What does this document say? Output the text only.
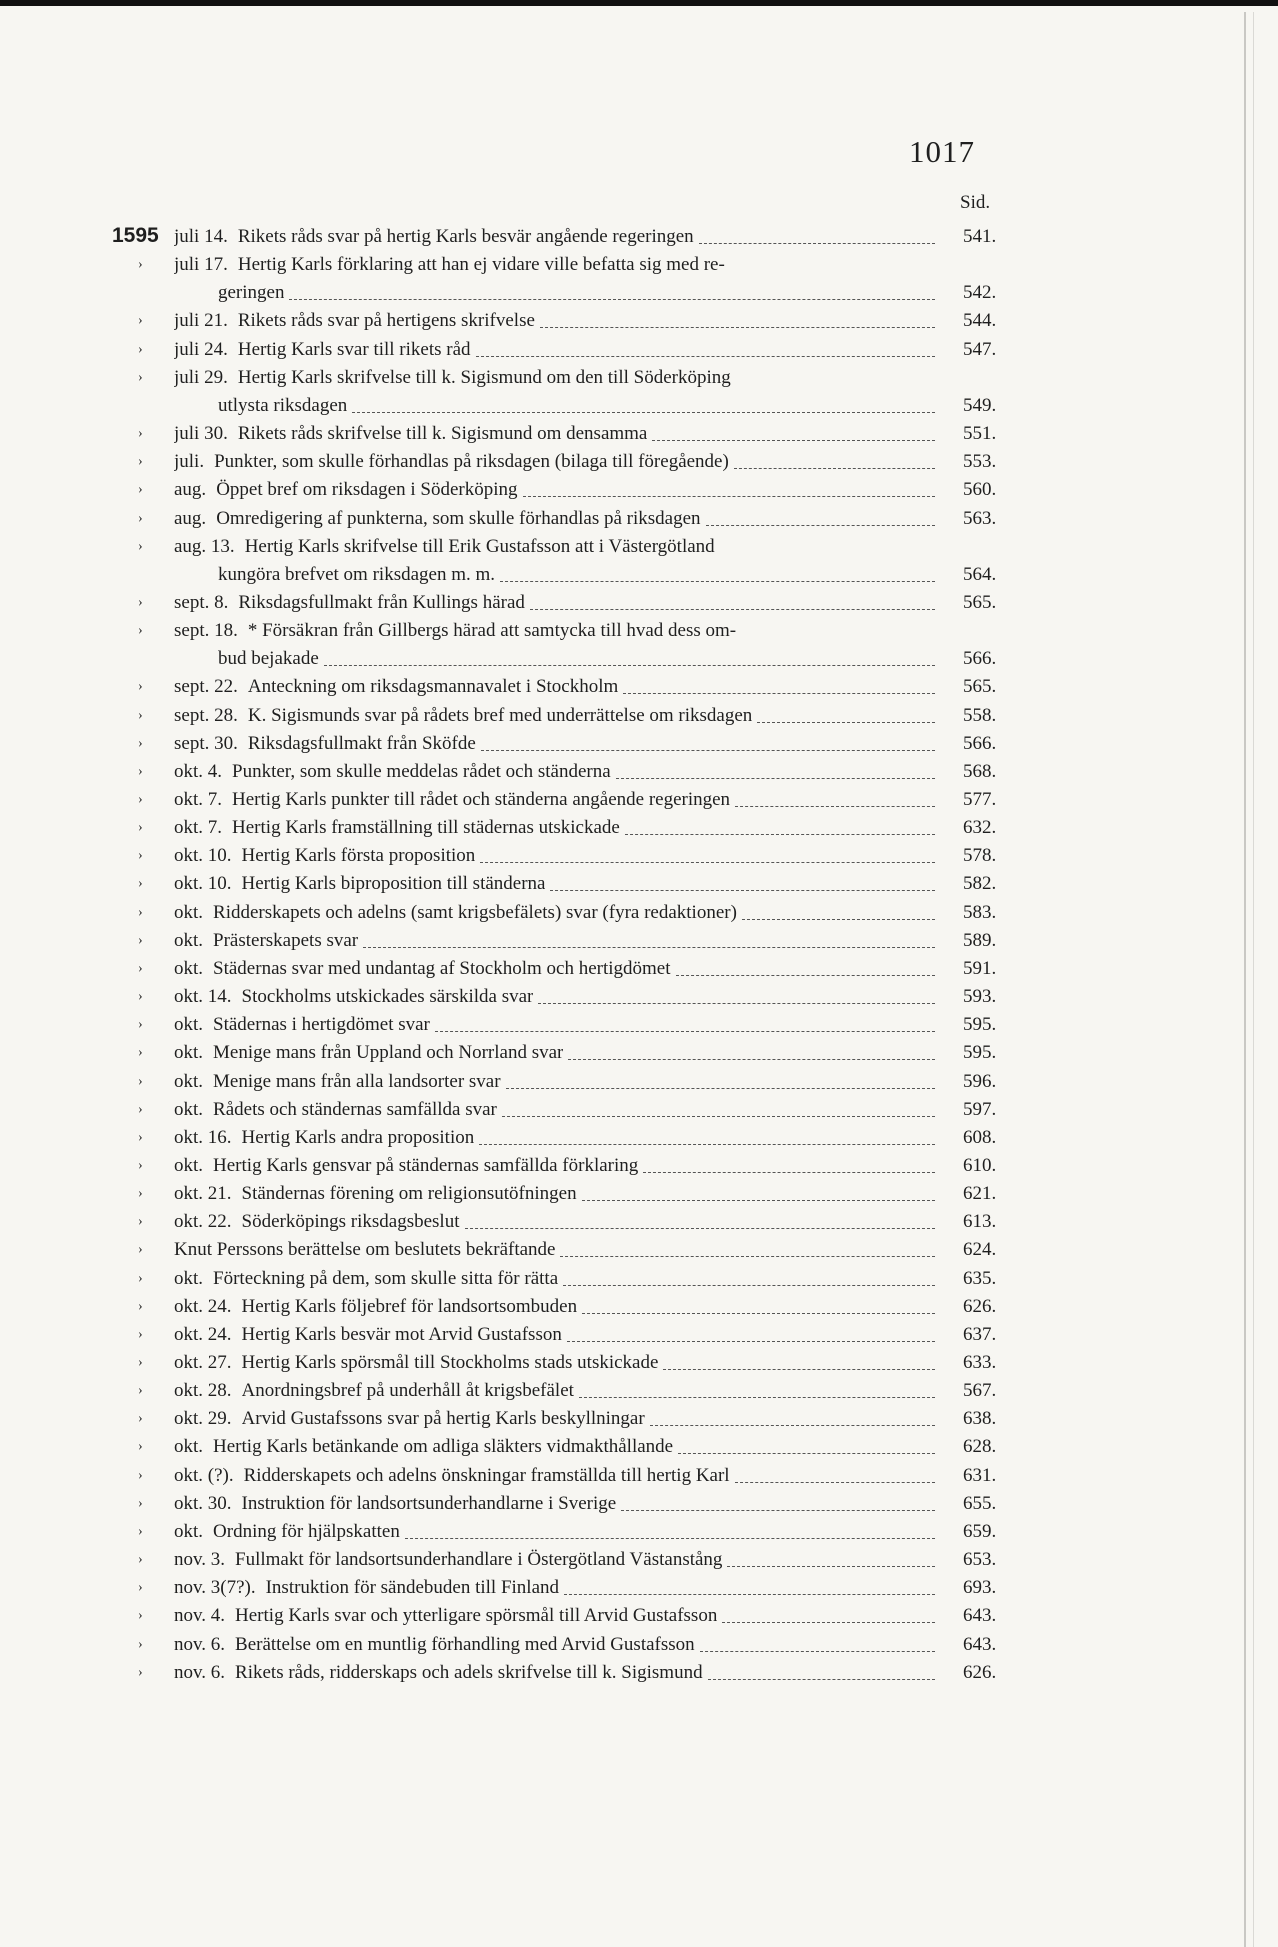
1017
Sid.
1595 juli 14. Rikets råds svar på hertig Karls besvär angående regeringen	541.
› juli 17. Hertig Karls förklaring att han ej vidare ville befatta sig med re-
geringen	542.
› juli 21. Rikets råds svar på hertigens skrifvelse	544.
› juli 24. Hertig Karls svar till rikets råd	547.
› juli 29. Hertig Karls skrifvelse till k. Sigismund om den till Söderköping
utlysta riksdagen	549.
› juli 30. Rikets råds skrifvelse till k. Sigismund om densamma	551.
› juli. Punkter, som skulle förhandlas på riksdagen (bilaga till föregående)	553.
› aug. Öppet bref om riksdagen i Söderköping	560.
› aug. Omredigering af punkterna, som skulle förhandlas på riksdagen	563.
› aug. 13. Hertig Karls skrifvelse till Erik Gustafsson att i Västergötland
kungöra brefvet om riksdagen m. m.	564.
› sept. 8. Riksdagsfullmakt från Kullings härad	565.
› sept. 18. * Försäkran från Gillbergs härad att samtycka till hvad dess om-
bud bejakade	566.
› sept. 22. Anteckning om riksdagsmannavalet i Stockholm	565.
› sept. 28. K. Sigismunds svar på rådets bref med underrättelse om riksdagen	558.
› sept. 30. Riksdagsfullmakt från Sköfde	566.
› okt. 4. Punkter, som skulle meddelas rådet och ständerna	568.
› okt. 7. Hertig Karls punkter till rådet och ständerna angående regeringen	577.
› okt. 7. Hertig Karls framställning till städernas utskickade	632.
› okt. 10. Hertig Karls första proposition	578.
› okt. 10. Hertig Karls biproposition till ständerna	582.
› okt. Ridderskapets och adelns (samt krigsbefälets) svar (fyra redaktioner)	583.
› okt. Prästerskapets svar	589.
› okt. Städernas svar med undantag af Stockholm och hertigdömet	591.
› okt. 14. Stockholms utskickades särskilda svar	593.
› okt. Städernas i hertigdömet svar	595.
› okt. Menige mans från Uppland och Norrland svar	595.
› okt. Menige mans från alla landsorter svar	596.
› okt. Rådets och ständernas samfällda svar	597.
› okt. 16. Hertig Karls andra proposition	608.
› okt. Hertig Karls gensvar på ständernas samfällda förklaring	610.
› okt. 21. Ständernas förening om religionsutöfningen	621.
› okt. 22. Söderköpings riksdagsbeslut	613.
› Knut Perssons berättelse om beslutets bekräftande	624.
› okt. Förteckning på dem, som skulle sitta för rätta	635.
› okt. 24. Hertig Karls följebref för landsortsombuden	626.
› okt. 24. Hertig Karls besvär mot Arvid Gustafsson	637.
› okt. 27. Hertig Karls spörsmål till Stockholms stads utskickade	633.
› okt. 28. Anordningsbref på underhåll åt krigsbefälet	567.
› okt. 29. Arvid Gustafssons svar på hertig Karls beskyllningar	638.
› okt. Hertig Karls betänkande om adliga släkters vidmakthållande	628.
› okt. (?). Ridderskapets och adelns önskningar framställda till hertig Karl	631.
› okt. 30. Instruktion för landsortsunderhandlarne i Sverige	655.
› okt. Ordning för hjälpskatten	659.
› nov. 3. Fullmakt för landsortsunderhandlare i Östergötland Västanstång	653.
› nov. 3(7?). Instruktion för sändebuden till Finland	693.
› nov. 4. Hertig Karls svar och ytterligare spörsmål till Arvid Gustafsson	643.
› nov. 6. Berättelse om en muntlig förhandling med Arvid Gustafsson	643.
› nov. 6. Rikets råds, ridderskaps och adels skrifvelse till k. Sigismund	626.
